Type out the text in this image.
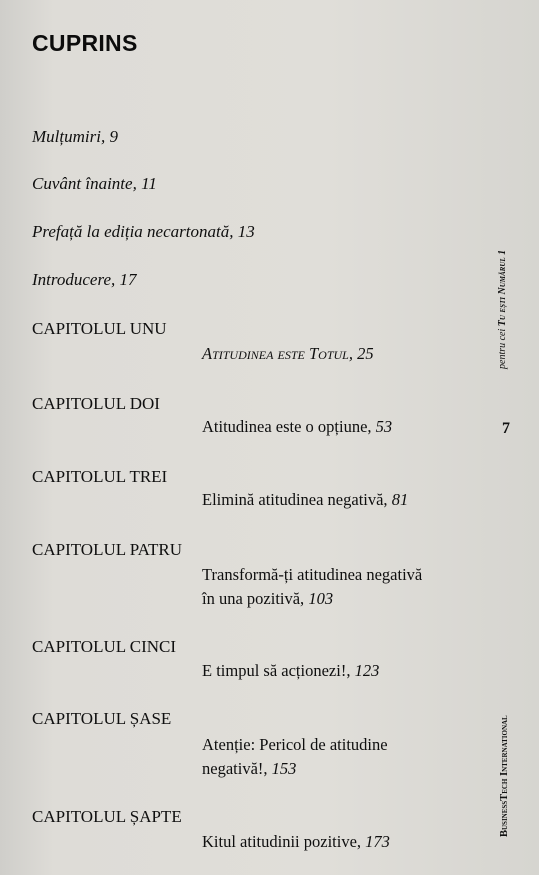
CUPRINS
Mulțumiri, 9
Cuvânt înainte, 11
Prefață la ediția necartonată, 13
Introducere, 17
CAPITOLUL UNU
Atitudinea este Totul, 25
CAPITOLUL DOI
Atitudinea este o opțiune, 53
CAPITOLUL TREI
Elimină atitudinea negativă, 81
CAPITOLUL PATRU
Transformă-ți atitudinea negativă
în una pozitivă, 103
CAPITOLUL CINCI
E timpul să acționezi!, 123
CAPITOLUL ȘASE
Atenție: Pericol de atitudine
negativă!, 153
CAPITOLUL ȘAPTE
Kitul atitudinii pozitive, 173
pentru cei Tu ești Numărul 1
7
BusinessTech International
